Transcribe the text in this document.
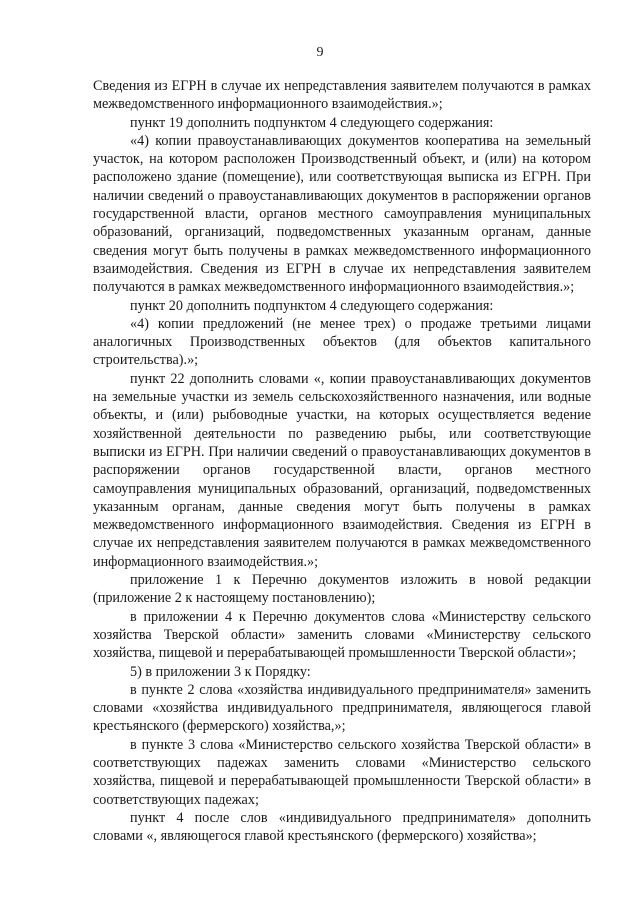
9

Сведения из ЕГРН в случае их непредставления заявителем получаются в рамках межведомственного информационного взаимодействия.»;

пункт 19 дополнить подпунктом 4 следующего содержания:

«4) копии правоустанавливающих документов кооператива на земельный участок, на котором расположен Производственный объект, и (или) на котором расположено здание (помещение), или соответствующая выписка из ЕГРН. При наличии сведений о правоустанавливающих документов в распоряжении органов государственной власти, органов местного самоуправления муниципальных образований, организаций, подведомственных указанным органам, данные сведения могут быть получены в рамках межведомственного информационного взаимодействия. Сведения из ЕГРН в случае их непредставления заявителем получаются в рамках межведомственного информационного взаимодействия.»;

пункт 20 дополнить подпунктом 4 следующего содержания:

«4) копии предложений (не менее трех) о продаже третьими лицами аналогичных Производственных объектов (для объектов капитального строительства).»;

пункт 22 дополнить словами «, копии правоустанавливающих документов на земельные участки из земель сельскохозяйственного назначения, или водные объекты, и (или) рыбоводные участки, на которых осуществляется ведение хозяйственной деятельности по разведению рыбы, или соответствующие выписки из ЕГРН. При наличии сведений о правоустанавливающих документов в распоряжении органов государственной власти, органов местного самоуправления муниципальных образований, организаций, подведомственных указанным органам, данные сведения могут быть получены в рамках межведомственного информационного взаимодействия. Сведения из ЕГРН в случае их непредставления заявителем получаются в рамках межведомственного информационного взаимодействия.»;

приложение 1 к Перечню документов изложить в новой редакции (приложение 2 к настоящему постановлению);

в приложении 4 к Перечню документов слова «Министерству сельского хозяйства Тверской области» заменить словами «Министерству сельского хозяйства, пищевой и перерабатывающей промышленности Тверской области»;

5) в приложении 3 к Порядку:

в пункте 2 слова «хозяйства индивидуального предпринимателя» заменить словами «хозяйства индивидуального предпринимателя, являющегося главой крестьянского (фермерского) хозяйства,»;

в пункте 3 слова «Министерство сельского хозяйства Тверской области» в соответствующих падежах заменить словами «Министерство сельского хозяйства, пищевой и перерабатывающей промышленности Тверской области» в соответствующих падежах;

пункт 4 после слов «индивидуального предпринимателя» дополнить словами «, являющегося главой крестьянского (фермерского) хозяйства»;
